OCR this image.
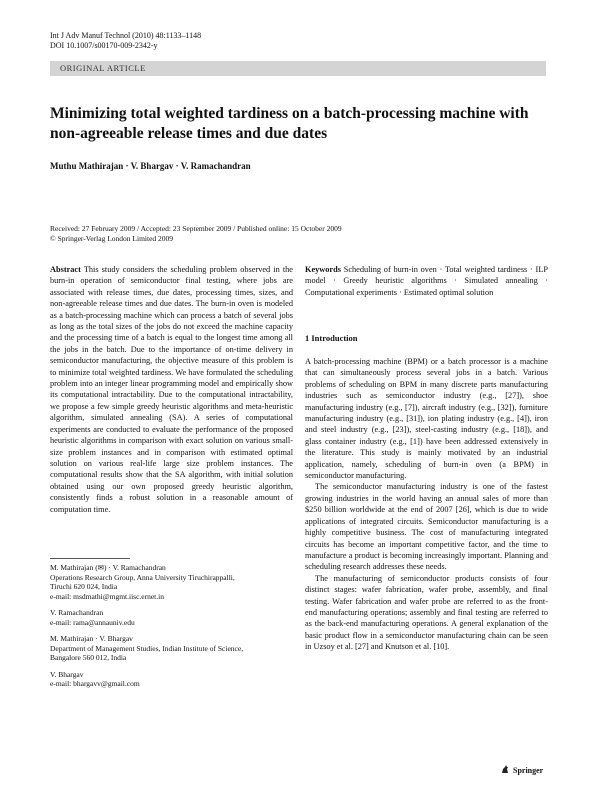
Int J Adv Manuf Technol (2010) 48:1133–1148
DOI 10.1007/s00170-009-2342-y
ORIGINAL ARTICLE
Minimizing total weighted tardiness on a batch-processing machine with non-agreeable release times and due dates
Muthu Mathirajan · V. Bhargav · V. Ramachandran
Received: 27 February 2009 / Accepted: 23 September 2009 / Published online: 15 October 2009
© Springer-Verlag London Limited 2009
Abstract This study considers the scheduling problem observed in the burn-in operation of semiconductor final testing, where jobs are associated with release times, due dates, processing times, sizes, and non-agreeable release times and due dates. The burn-in oven is modeled as a batch-processing machine which can process a batch of several jobs as long as the total sizes of the jobs do not exceed the machine capacity and the processing time of a batch is equal to the longest time among all the jobs in the batch. Due to the importance of on-time delivery in semiconductor manufacturing, the objective measure of this problem is to minimize total weighted tardiness. We have formulated the scheduling problem into an integer linear programming model and empirically show its computational intractability. Due to the computational intractability, we propose a few simple greedy heuristic algorithms and meta-heuristic algorithm, simulated annealing (SA). A series of computational experiments are conducted to evaluate the performance of the proposed heuristic algorithms in comparison with exact solution on various small-size problem instances and in comparison with estimated optimal solution on various real-life large size problem instances. The computational results show that the SA algorithm, with initial solution obtained using our own proposed greedy heuristic algorithm, consistently finds a robust solution in a reasonable amount of computation time.
M. Mathirajan (✉) · V. Ramachandran
Operations Research Group, Anna University Tiruchirappalli,
Tiruchi 620 024, India
e-mail: msdmathi@mgmt.iisc.ernet.in
V. Ramachandran
e-mail: rama@annauniv.edu
M. Mathirajan · V. Bhargav
Department of Management Studies, Indian Institute of Science,
Bangalore 560 012, India
V. Bhargav
e-mail: bhargavv@gmail.com
Keywords Scheduling of burn-in oven · Total weighted tardiness · ILP model · Greedy heuristic algorithms · Simulated annealing · Computational experiments · Estimated optimal solution
1 Introduction

A batch-processing machine (BPM) or a batch processor is a machine that can simultaneously process several jobs in a batch. Various problems of scheduling on BPM in many discrete parts manufacturing industries such as semiconductor industry (e.g., [27]), shoe manufacturing industry (e.g., [7]), aircraft industry (e.g., [32]), furniture manufacturing industry (e.g., [31]), ion plating industry (e.g., [4]), iron and steel industry (e.g., [23]), steel-casting industry (e.g., [18]), and glass container industry (e.g., [1]) have been addressed extensively in the literature. This study is mainly motivated by an industrial application, namely, scheduling of burn-in oven (a BPM) in semiconductor manufacturing.

The semiconductor manufacturing industry is one of the fastest growing industries in the world having an annual sales of more than $250 billion worldwide at the end of 2007 [26], which is due to wide applications of integrated circuits. Semiconductor manufacturing is a highly competitive business. The cost of manufacturing integrated circuits has become an important competitive factor, and the time to manufacture a product is becoming increasingly important. Planning and scheduling research addresses these needs.

The manufacturing of semiconductor products consists of four distinct stages: wafer fabrication, wafer probe, assembly, and final testing. Wafer fabrication and wafer probe are referred to as the front-end manufacturing operations; assembly and final testing are referred to as the back-end manufacturing operations. A general explanation of the basic product flow in a semiconductor manufacturing chain can be seen in Uzsoy et al. [27] and Knutson et al. [10].

Springer
